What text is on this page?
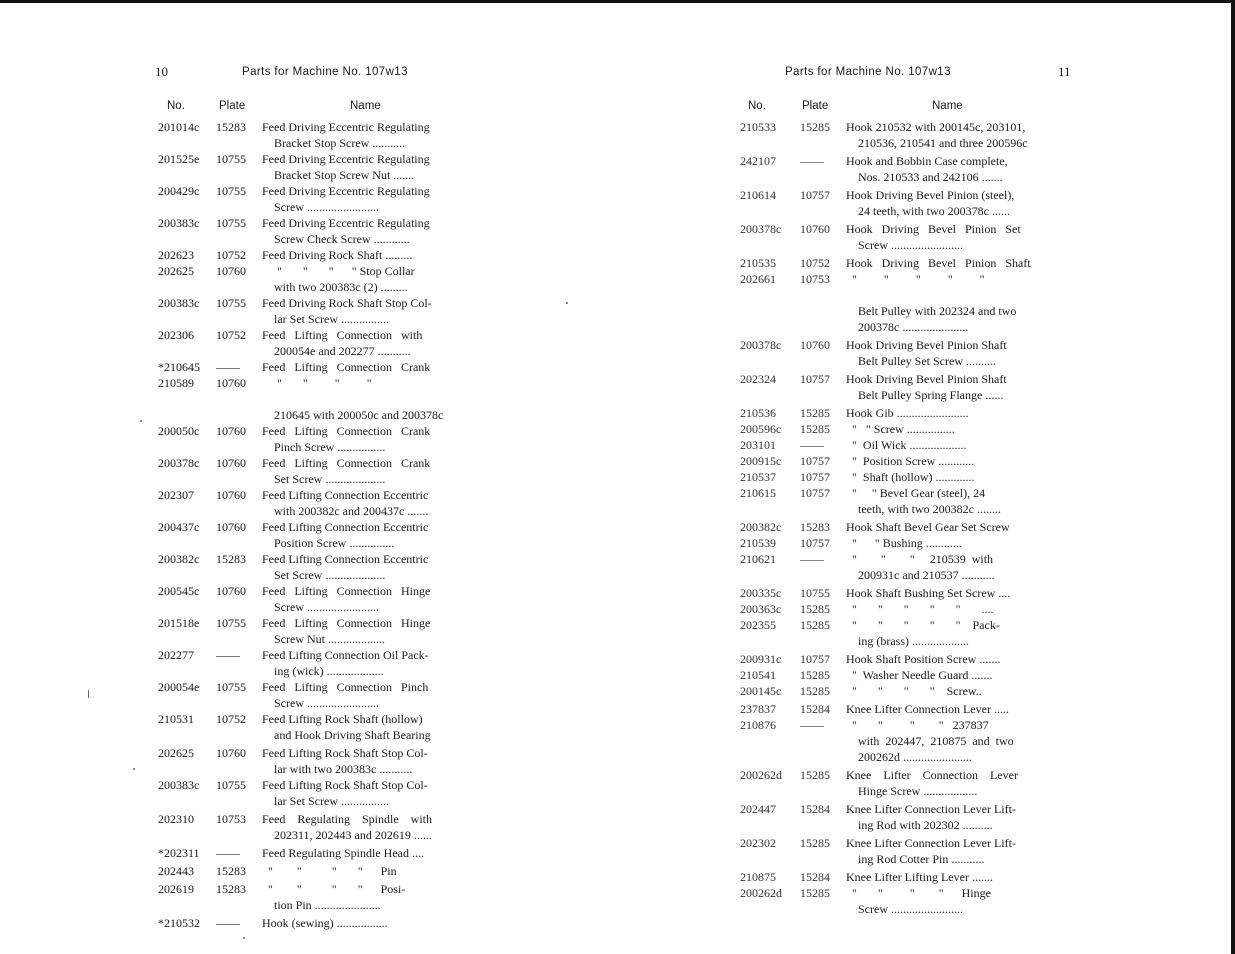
10	Parts for Machine No. 107w13
No.	Plate	Name
201014c 15283 Feed Driving Eccentric Regulating
Bracket Stop Screw ...........
201525e 10755 Feed Driving Eccentric Regulating
Bracket Stop Screw Nut .......
200429c 10755 Feed Driving Eccentric Regulating
Screw ........................
200383c 10755 Feed Driving Eccentric Regulating
Screw Check Screw ............
202623 10752 Feed Driving Rock Shaft .........
202625 10760 "       "       "      " Stop Collar
with two 200383c (2) .........
200383c 10755 Feed Driving Rock Shaft Stop Col-
lar Set Screw ................
202306 10752 Feed   Lifting   Connection   with
200054e and 202277 ...........
*210645 —— Feed   Lifting   Connection   Crank
210589 10760 "       "         "         "
210645 with 200050c and 200378c
200050c 10760 Feed   Lifting   Connection   Crank
Pinch Screw ................
200378c 10760 Feed   Lifting   Connection   Crank
Set Screw ....................
202307 10760 Feed Lifting Connection Eccentric
with 200382c and 200437c .......
200437c 10760 Feed Lifting Connection Eccentric
Position Screw ...............
200382c 15283 Feed Lifting Connection Eccentric
Set Screw ....................
200545c 10760 Feed   Lifting   Connection   Hinge
Screw ........................
201518e 10755 Feed   Lifting   Connection   Hinge
Screw Nut ...................
202277 —— Feed Lifting Connection Oil Pack-
ing (wick) ...................
200054e 10755 Feed   Lifting   Connection   Pinch
Screw ........................
210531 10752 Feed Lifting Rock Shaft (hollow)
and Hook Driving Shaft Bearing
202625 10760 Feed Lifting Rock Shaft Stop Col-
lar with two 200383c ...........
200383c 10755 Feed Lifting Rock Shaft Stop Col-
lar Set Screw ................
202310 10753 Feed    Regulating    Spindle    with
202311, 202443 and 202619 ......
*202311 —— Feed Regulating Spindle Head ....
202443 15283 "        "          "       "      Pin
202619 15283 "        "          "       "      Posi-
tion Pin ......................
*210532 —— Hook (sewing) .................
Parts for Machine No. 107w13	11
No.	Plate	Name
210533 15285 Hook 210532 with 200145c, 203101,
210536, 210541 and three 200596c
242107 —— Hook and Bobbin Case complete,
Nos. 210533 and 242106 .......
210614 10757 Hook Driving Bevel Pinion (steel),
24 teeth, with two 200378c ......
200378c 10760 Hook   Driving   Bevel   Pinion   Set
Screw ........................
210535 10752 Hook   Driving   Bevel   Pinion   Shaft
202661 10753 "         "         "         "         "
Belt Pulley with 202324 and two
200378c ......................
200378c 10760 Hook Driving Bevel Pinion Shaft
Belt Pulley Set Screw ..........
202324 10757 Hook Driving Bevel Pinion Shaft
Belt Pulley Spring Flange ......
210536 15285 Hook Gib ........................
200596c 15285 "   " Screw ................
203101 —— "  Oil Wick ...................
200915c 10757 "  Position Screw ............
210537 10757 "  Shaft (hollow) .............
210615 10757 "     " Bevel Gear (steel), 24
teeth, with two 200382c ........
200382c 15283 Hook Shaft Bevel Gear Set Screw
210539 10757 "      " Bushing ............
210621 —— "        "        "     210539  with
200931c and 210537 ...........
200335c 10755 Hook Shaft Bushing Set Screw ....
200363c 15285 "       "       "       "       "       ....
202355 15285 "       "       "       "       "    Pack-
ing (brass) ...................
200931c 10757 Hook Shaft Position Screw .......
210541 15285 "  Washer Needle Guard .......
200145c 15285 "       "       "       "    Screw..
237837 15284 Knee Lifter Connection Lever .....
210876 —— "       "         "        "   237837
with  202447,  210875  and  two
200262d .......................
200262d 15285 Knee    Lifter    Connection    Lever
Hinge Screw ..................
202447 15284 Knee Lifter Connection Lever Lift-
ing Rod with 202302 ..........
202302 15285 Knee Lifter Connection Lever Lift-
ing Rod Cotter Pin ...........
210875 15284 Knee Lifter Lifting Lever .......
200262d 15285 "       "         "        "      Hinge
Screw ........................
